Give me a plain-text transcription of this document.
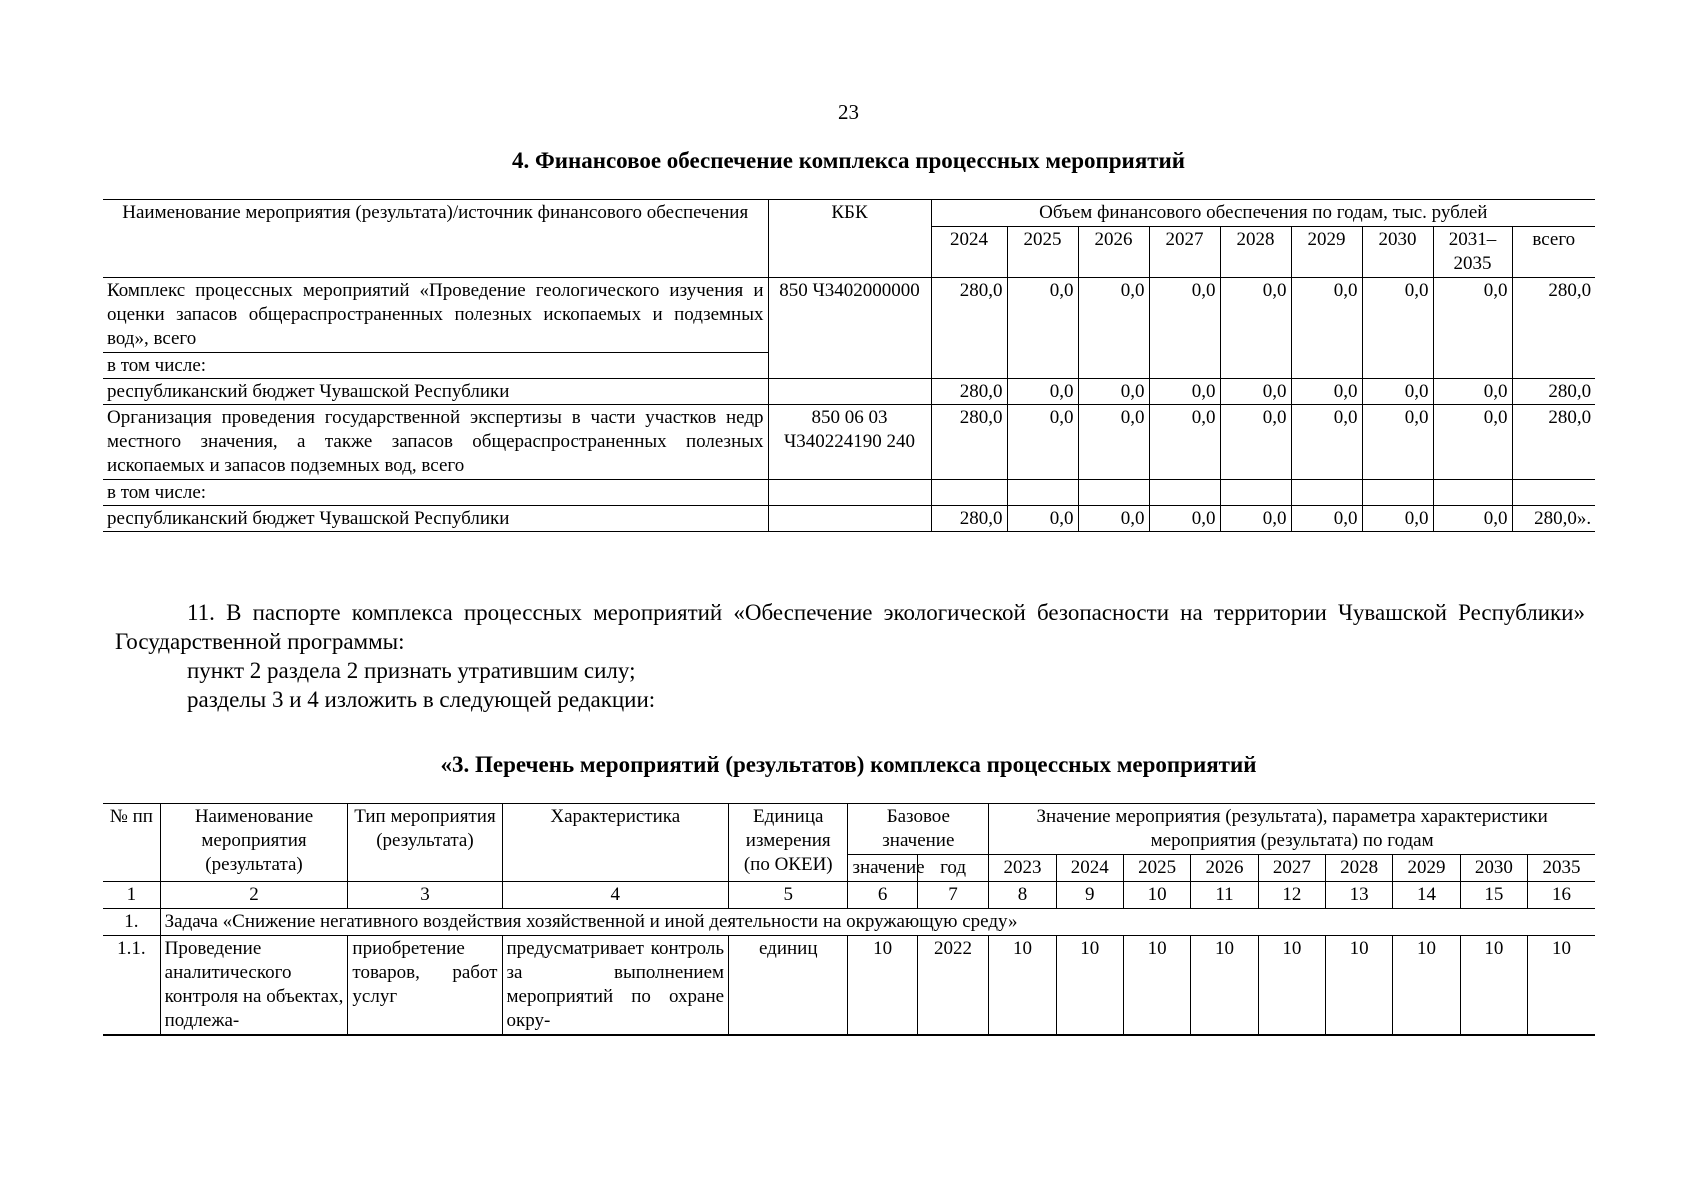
23
4. Финансовое обеспечение комплекса процессных мероприятий
Наименование мероприятия (результата)/источник финансового обеспечения	КБК	Объем финансового обеспечения по годам, тыс. рублей								
		2024	2025	2026	2027	2028	2029	2030	2031–2035	всего
Комплекс процессных мероприятий «Проведение геологического изучения и оценки запасов общераспространенных полезных ископаемых и подземных вод», всего	850 Ч3402000000	280,0	0,0	0,0	0,0	0,0	0,0	0,0	0,0	280,0
в том числе:										
республиканский бюджет Чувашской Республики		280,0	0,0	0,0	0,0	0,0	0,0	0,0	0,0	280,0
Организация проведения государственной экспертизы в части участков недр местного значения, а также запасов общераспространенных полезных ископаемых и запасов подземных вод, всего	850 06 03 Ч340224190 240	280,0	0,0	0,0	0,0	0,0	0,0	0,0	0,0	280,0
в том числе:										
республиканский бюджет Чувашской Республики		280,0	0,0	0,0	0,0	0,0	0,0	0,0	0,0	280,0».

11. В паспорте комплекса процессных мероприятий «Обеспечение экологической безопасности на территории Чувашской Республики» Государственной программы:

пункт 2 раздела 2 признать утратившим силу;

разделы 3 и 4 изложить в следующей редакции:

«3. Перечень мероприятий (результатов) комплекса процессных мероприятий
№ пп	Наименование мероприятия (результата)	Тип мероприятия (результата)	Характеристика	Единица измерения (по ОКЕИ)	Базовое значение		Значение мероприятия (результата), параметра характеристики мероприятия (результата) по годам								
					значение	год	2023	2024	2025	2026	2027	2028	2029	2030	2035
1	2	3	4	5	6	7	8	9	10	11	12	13	14	15	16
1.	Задача «Снижение негативного воздействия хозяйственной и иной деятельности на окружающую среду»														
1.1.	Проведение аналитического контроля на объектах, подлежа-	приобретение товаров, работ услуг	предусматривает контроль за выполнением мероприятий по охране окру-	единиц	10	2022	10	10	10	10	10	10	10	10	10
